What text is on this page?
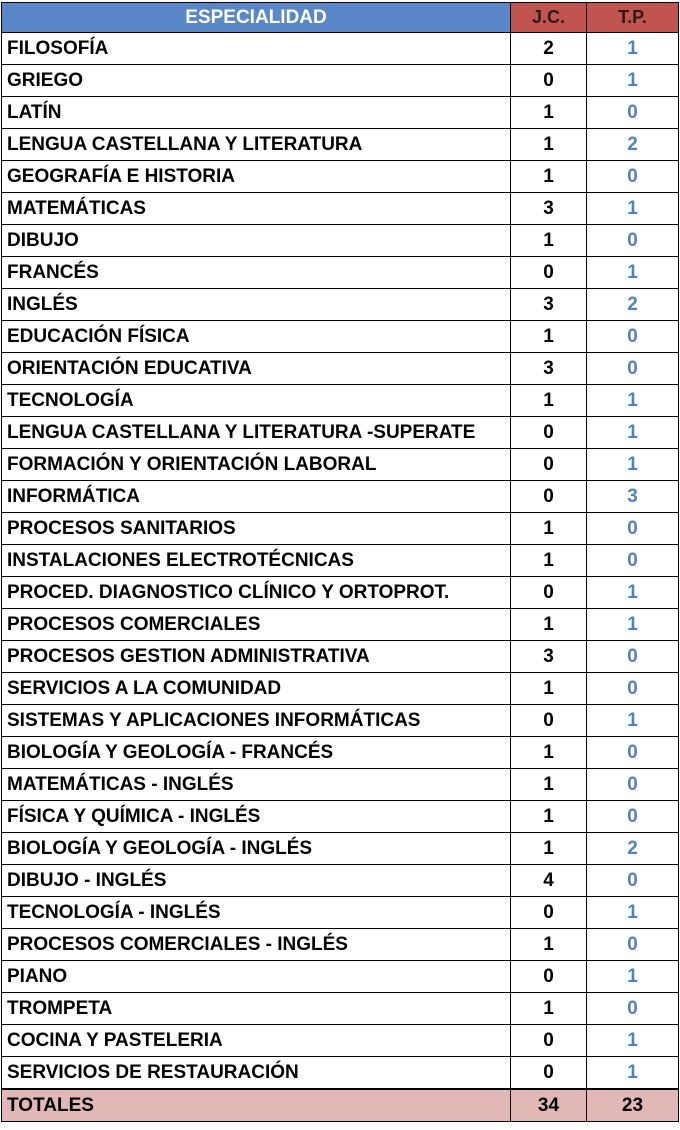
ESPECIALIDAD	J.C.	T.P.
FILOSOFÍA	2	1
GRIEGO	0	1
LATÍN	1	0
LENGUA CASTELLANA Y LITERATURA	1	2
GEOGRAFÍA E HISTORIA	1	0
MATEMÁTICAS	3	1
DIBUJO	1	0
FRANCÉS	0	1
INGLÉS	3	2
EDUCACIÓN FÍSICA	1	0
ORIENTACIÓN EDUCATIVA	3	0
TECNOLOGÍA	1	1
LENGUA CASTELLANA Y LITERATURA -SUPERATE	0	1
FORMACIÓN Y ORIENTACIÓN LABORAL	0	1
INFORMÁTICA	0	3
PROCESOS SANITARIOS	1	0
INSTALACIONES ELECTROTÉCNICAS	1	0
PROCED. DIAGNOSTICO CLÍNICO Y ORTOPROT.	0	1
PROCESOS COMERCIALES	1	1
PROCESOS GESTION ADMINISTRATIVA	3	0
SERVICIOS A LA COMUNIDAD	1	0
SISTEMAS Y APLICACIONES INFORMÁTICAS	0	1
BIOLOGÍA Y GEOLOGÍA - FRANCÉS	1	0
MATEMÁTICAS - INGLÉS	1	0
FÍSICA Y QUÍMICA - INGLÉS	1	0
BIOLOGÍA Y GEOLOGÍA - INGLÉS	1	2
DIBUJO - INGLÉS	4	0
TECNOLOGÍA - INGLÉS	0	1
PROCESOS COMERCIALES - INGLÉS	1	0
PIANO	0	1
TROMPETA	1	0
COCINA Y PASTELERIA	0	1
SERVICIOS DE RESTAURACIÓN	0	1
TOTALES	34	23
